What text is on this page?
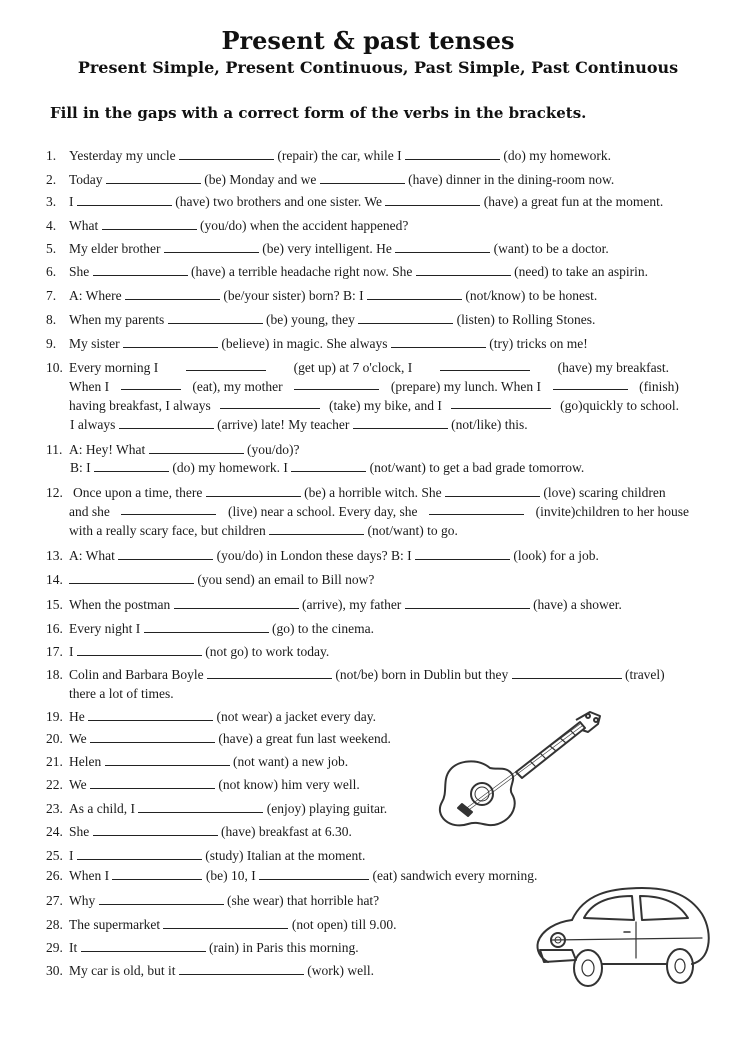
Present & past tenses
Present Simple, Present Continuous, Past Simple, Past Continuous
Fill in the gaps with a correct form of the verbs in the brackets.
1. Yesterday my uncle	(repair) the car, while I	(do) my homework.
2. Today	(be) Monday and we	(have) dinner in the dining-room now.
3. I	(have) two brothers and one sister. We	(have) a great fun at the moment.
4. What	(you/do) when the accident happened?
5. My elder brother	(be) very intelligent. He	(want) to be a doctor.
6. She	(have) a terrible headache right now. She	(need) to take an aspirin.
7. A: Where	(be/your sister) born? B: I	(not/know) to be honest.
8. When my parents	(be) young, they	(listen) to Rolling Stones.
9. My sister	(believe) in magic. She always	(try) tricks on me!
10. Every morning I	(get up) at 7 o'clock, I	(have) my breakfast.
When I	(eat), my mother	(prepare) my lunch. When I	(finish)
having breakfast, I always	(take) my bike, and I	(go)quickly to school.
I always	(arrive) late! My teacher	(not/like) this.
11. A: Hey! What	(you/do)?
B: I	(do) my homework. I	(not/want) to get a bad grade tomorrow.
12. Once upon a time, there	(be) a horrible witch. She	(love) scaring children
and she	(live) near a school. Every day, she	(invite)children to her house
with a really scary face, but children	(not/want) to go.
13. A: What	(you/do) in London these days? B: I	(look) for a job.
14.	(you send) an email to Bill now?
15. When the postman	(arrive), my father	(have) a shower.
16. Every night I	(go) to the cinema.
17. I	(not go) to work today.
18. Colin and Barbara Boyle	(not/be) born in Dublin but they	(travel)
there a lot of times.
19. He	(not wear) a jacket every day.
20. We	(have) a great fun last weekend.
21. Helen	(not want) a new job.
22. We	(not know) him very well.
23. As a child, I	(enjoy) playing guitar.
24. She	(have) breakfast at 6.30.
25. I	(study) Italian at the moment.
26. When I	(be) 10, I	(eat) sandwich every morning.
27. Why	(she wear) that horrible hat?
28. The supermarket	(not open) till 9.00.
29. It	(rain) in Paris this morning.
30. My car is old, but it	(work) well.
